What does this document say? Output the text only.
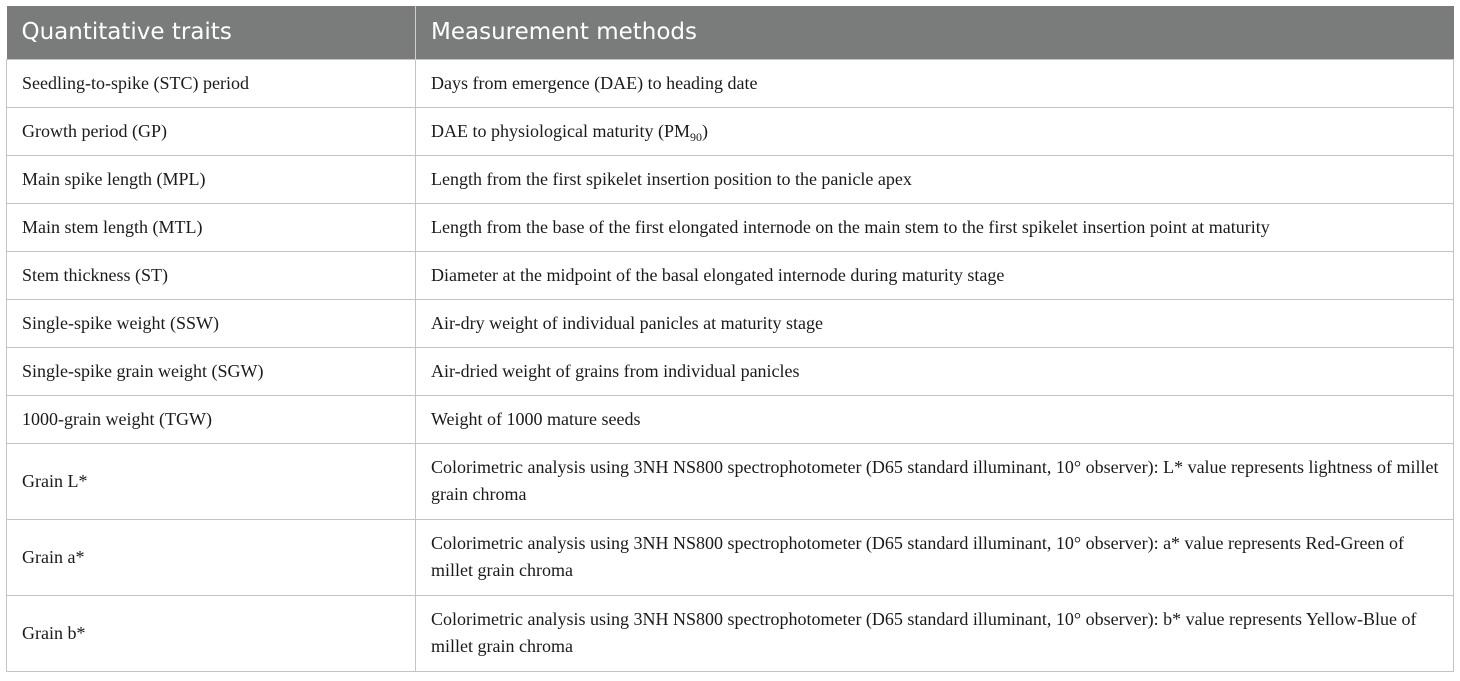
Quantitative traits	Measurement methods
Seedling-to-spike (STC) period	Days from emergence (DAE) to heading date
Growth period (GP)	DAE to physiological maturity $(PM_{90})$
Main spike length (MPL)	Length from the first spikelet insertion position to the panicle apex
Main stem length (MTL)	Length from the base of the first elongated internode on the main stem to the first spikelet insertion point at maturity
Stem thickness (ST)	Diameter at the midpoint of the basal elongated internode during maturity stage
Single-spike weight (SSW)	Air-dry weight of individual panicles at maturity stage
Single-spike grain weight (SGW)	Air-dried weight of grains from individual panicles
1000-grain weight (TGW)	Weight of 1000 mature seeds
Grain L*	Colorimetric analysis using 3NH NS800 spectrophotometer (D65 standard illuminant, 10° observer): L* value represents lightness of millet grain chroma
Grain a*	Colorimetric analysis using 3NH NS800 spectrophotometer (D65 standard illuminant, 10° observer): a* value represents Red-Green of millet grain chroma
Grain b*	Colorimetric analysis using 3NH NS800 spectrophotometer (D65 standard illuminant, 10° observer): b* value represents Yellow-Blue of millet grain chroma
